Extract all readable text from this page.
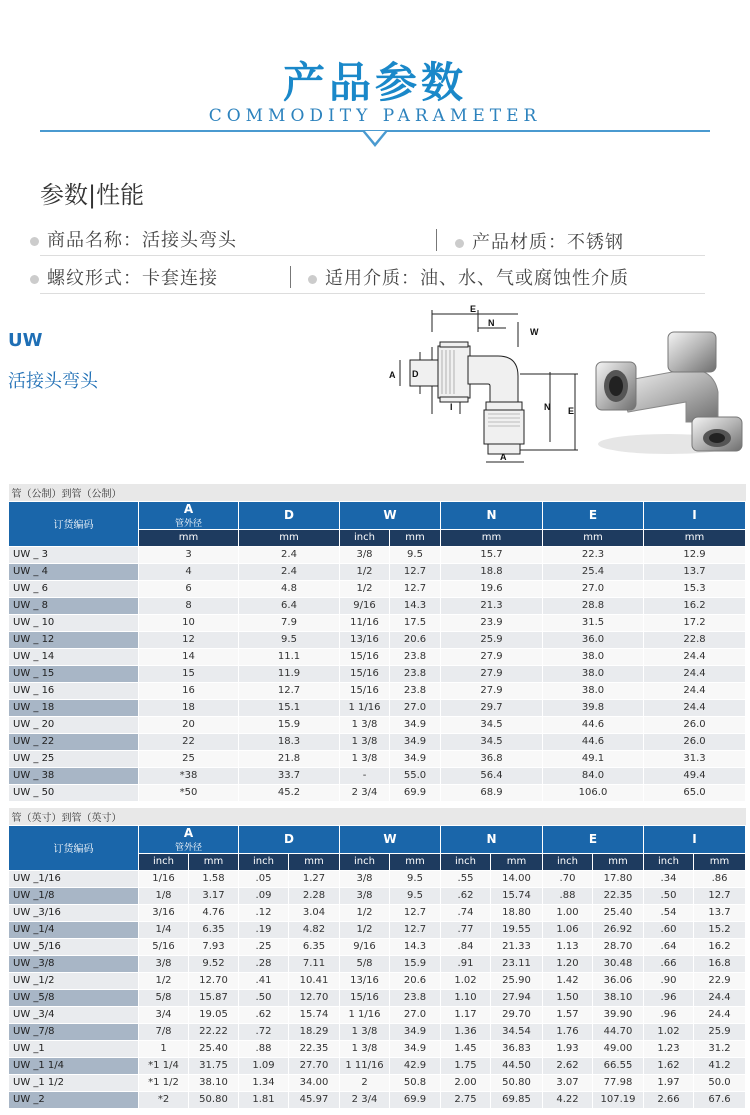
产品参数
COMMODITY PARAMETER
参数|性能
商品名称：活接头弯头	产品材质：不锈钢
螺纹形式：卡套连接	适用介质：油、水、气或腐蚀性介质
UW
活接头弯头
E
N
W
D
A
I	N E
A
管（公制）到管（公制）							
订货编码	A
管外径	D	W		N	E	I
	mm	mm	inch	mm	mm	mm	mm
UW _ 3	3	2.4	3/8	9.5	15.7	22.3	12.9
UW _ 4	4	2.4	1/2	12.7	18.8	25.4	13.7
UW _ 6	6	4.8	1/2	12.7	19.6	27.0	15.3
UW _ 8	8	6.4	9/16	14.3	21.3	28.8	16.2
UW _ 10	10	7.9	11/16	17.5	23.9	31.5	17.2
UW _ 12	12	9.5	13/16	20.6	25.9	36.0	22.8
UW _ 14	14	11.1	15/16	23.8	27.9	38.0	24.4
UW _ 15	15	11.9	15/16	23.8	27.9	38.0	24.4
UW _ 16	16	12.7	15/16	23.8	27.9	38.0	24.4
UW _ 18	18	15.1	1 1/16	27.0	29.7	39.8	24.4
UW _ 20	20	15.9	1 3/8	34.9	34.5	44.6	26.0
UW _ 22	22	18.3	1 3/8	34.9	34.5	44.6	26.0
UW _ 25	25	21.8	1 3/8	34.9	36.8	49.1	31.3
UW _ 38	*38	33.7	-	55.0	56.4	84.0	49.4
UW _ 50	*50	45.2	2 3/4	69.9	68.9	106.0	65.0
管（英寸）到管（英寸）												
订货编码	A
管外径		D		W		N		E		I	
	inch	mm	inch	mm	inch	mm	inch	mm	inch	mm	inch	mm
UW _1/16	1/16	1.58	.05	1.27	3/8	9.5	.55	14.00	.70	17.80	.34	.86
UW _1/8	1/8	3.17	.09	2.28	3/8	9.5	.62	15.74	.88	22.35	.50	12.7
UW _3/16	3/16	4.76	.12	3.04	1/2	12.7	.74	18.80	1.00	25.40	.54	13.7
UW _1/4	1/4	6.35	.19	4.82	1/2	12.7	.77	19.55	1.06	26.92	.60	15.2
UW _5/16	5/16	7.93	.25	6.35	9/16	14.3	.84	21.33	1.13	28.70	.64	16.2
UW _3/8	3/8	9.52	.28	7.11	5/8	15.9	.91	23.11	1.20	30.48	.66	16.8
UW _1/2	1/2	12.70	.41	10.41	13/16	20.6	1.02	25.90	1.42	36.06	.90	22.9
UW _5/8	5/8	15.87	.50	12.70	15/16	23.8	1.10	27.94	1.50	38.10	.96	24.4
UW _3/4	3/4	19.05	.62	15.74	1 1/16	27.0	1.17	29.70	1.57	39.90	.96	24.4
UW _7/8	7/8	22.22	.72	18.29	1 3/8	34.9	1.36	34.54	1.76	44.70	1.02	25.9
UW _1	1	25.40	.88	22.35	1 3/8	34.9	1.45	36.83	1.93	49.00	1.23	31.2
UW _1 1/4	*1 1/4	31.75	1.09	27.70	1 11/16	42.9	1.75	44.50	2.62	66.55	1.62	41.2
UW _1 1/2	*1 1/2	38.10	1.34	34.00	2	50.8	2.00	50.80	3.07	77.98	1.97	50.0
UW _2	*2	50.80	1.81	45.97	2 3/4	69.9	2.75	69.85	4.22	107.19	2.66	67.6
